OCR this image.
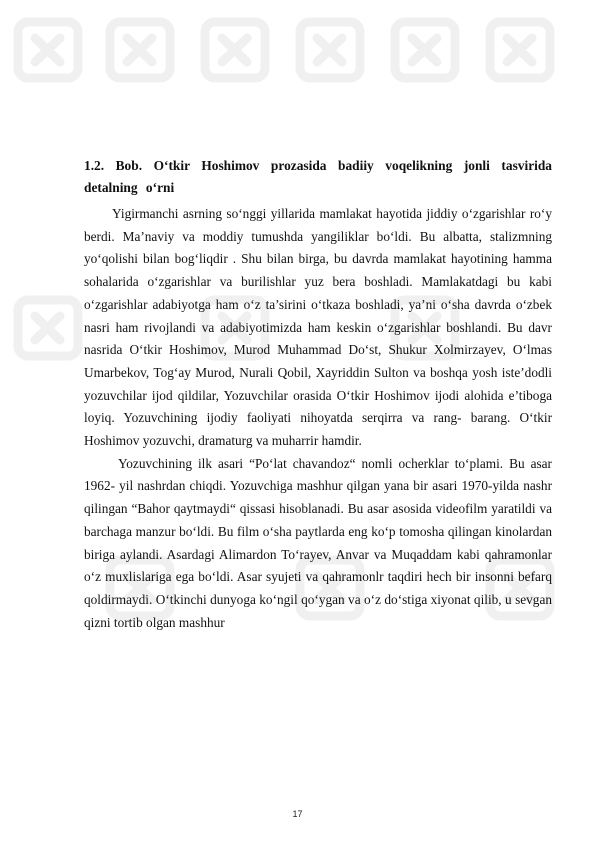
1.2. Bob. O‘tkir Hoshimov prozasida badiiy voqelikning jonli tasvirida detalning o‘rni

Yigirmanchi asrning so‘nggi yillarida mamlakat hayotida jiddiy o‘zgarishlar ro‘y berdi. Ma’naviy va moddiy tumushda yangiliklar bo‘ldi. Bu albatta, stalizmning yo‘qolishi bilan bog‘liqdir . Shu bilan birga, bu davrda mamlakat hayotining hamma sohalarida o‘zgarishlar va burilishlar yuz bera boshladi. Mamlakatdagi bu kabi o‘zgarishlar adabiyotga ham o‘z ta’sirini o‘tkaza boshladi, ya’ni o‘sha davrda o‘zbek nasri ham rivojlandi va adabiyotimizda ham keskin o‘zgarishlar boshlandi. Bu davr nasrida O‘tkir Hoshimov, Murod Muhammad Do‘st, Shukur Xolmirzayev, O‘lmas Umarbekov, Tog‘ay Murod, Nurali Qobil, Xayriddin Sulton va boshqa yosh iste’dodli yozuvchilar ijod qildilar, Yozuvchilar orasida O‘tkir Hoshimov ijodi alohida e’tiboga loyiq. Yozuvchining ijodiy faoliyati nihoyatda serqirra va rang- barang. O‘tkir Hoshimov yozuvchi, dramaturg va muharrir hamdir.

Yozuvchining ilk asari “Po‘lat chavandoz“ nomli ocherklar to‘plami. Bu asar 1962- yil nashrdan chiqdi. Yozuvchiga mashhur qilgan yana bir asari 1970-yilda nashr qilingan “Bahor qaytmaydi“ qissasi hisoblanadi. Bu asar asosida videofilm yaratildi va barchaga manzur bo‘ldi. Bu film o‘sha paytlarda eng ko‘p tomosha qilingan kinolardan biriga aylandi. Asardagi Alimardon To‘rayev, Anvar va Muqaddam kabi qahramonlar o‘z muxlislariga ega bo‘ldi. Asar syujeti va qahramonlr taqdiri hech bir insonni befarq qoldirmaydi. O‘tkinchi dunyoga ko‘ngil qo‘ygan va o‘z do‘stiga xiyonat qilib, u sevgan qizni tortib olgan mashhur

17
